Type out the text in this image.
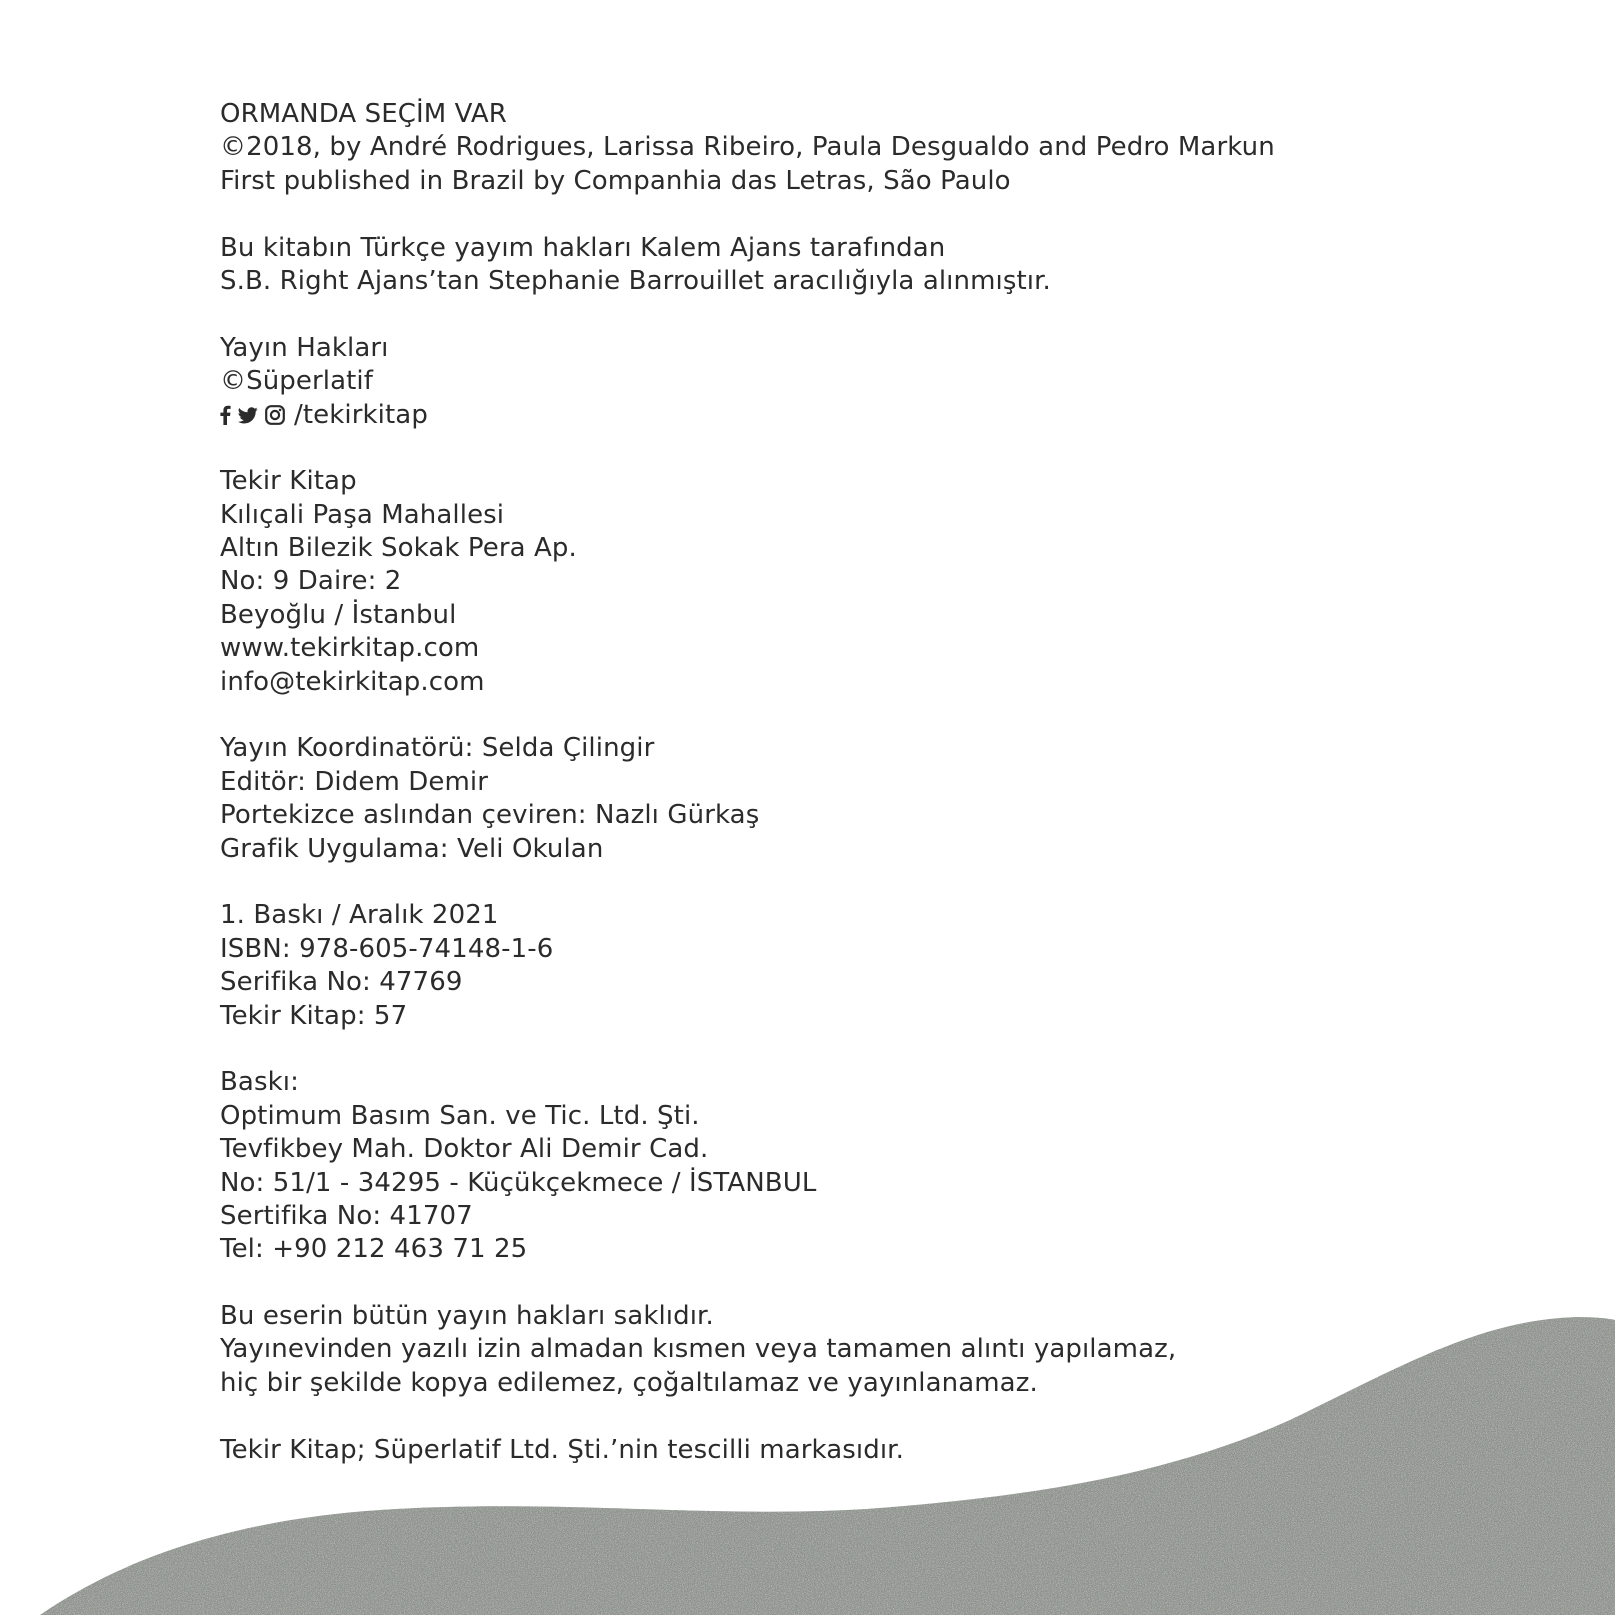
ORMANDA SEÇİM VAR
©2018, by André Rodrigues, Larissa Ribeiro, Paula Desgualdo and Pedro Markun
First published in Brazil by Companhia das Letras, São Paulo
Bu kitabın Türkçe yayım hakları Kalem Ajans tarafından
S.B. Right Ajans’tan Stephanie Barrouillet aracılığıyla alınmıştır.
Yayın Hakları
©Süperlatif
/tekirkitap
Tekir Kitap
Kılıçali Paşa Mahallesi
Altın Bilezik Sokak Pera Ap.
No: 9 Daire: 2
Beyoğlu / İstanbul
www.tekirkitap.com
info@tekirkitap.com
Yayın Koordinatörü: Selda Çilingir
Editör: Didem Demir
Portekizce aslından çeviren: Nazlı Gürkaş
Grafik Uygulama: Veli Okulan
1. Baskı / Aralık 2021
ISBN: 978-605-74148-1-6
Serifika No: 47769
Tekir Kitap: 57
Baskı:
Optimum Basım San. ve Tic. Ltd. Şti.
Tevfikbey Mah. Doktor Ali Demir Cad.
No: 51/1 - 34295 - Küçükçekmece / İSTANBUL
Sertifika No: 41707
Tel: +90 212 463 71 25
Bu eserin bütün yayın hakları saklıdır.
Yayınevinden yazılı izin almadan kısmen veya tamamen alıntı yapılamaz,
hiç bir şekilde kopya edilemez, çoğaltılamaz ve yayınlanamaz.
Tekir Kitap; Süperlatif Ltd. Şti.’nin tescilli markasıdır.
